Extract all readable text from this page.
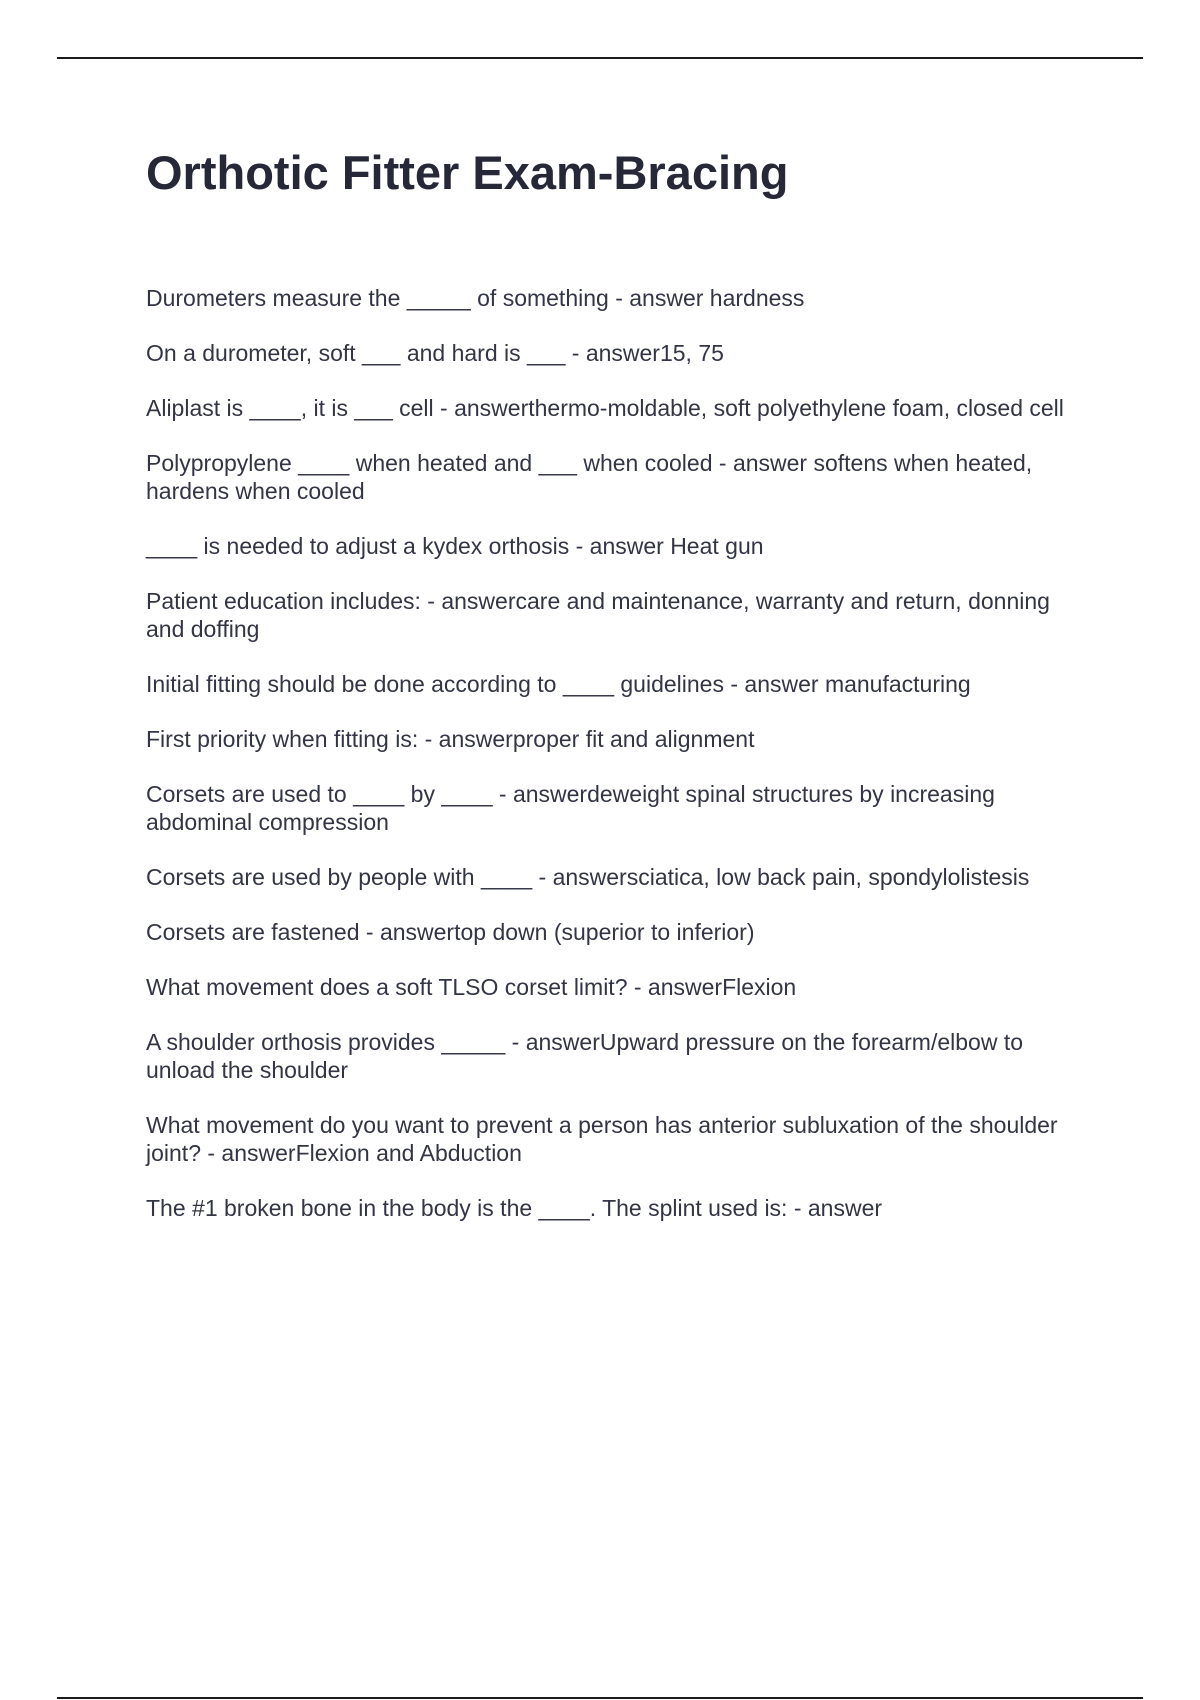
Orthotic Fitter Exam-Bracing
Durometers measure the _____ of something - answer hardness
On a durometer, soft ___ and hard is ___ - answer15, 75
Aliplast is ____, it is ___ cell - answerthermo-moldable, soft polyethylene foam, closed cell
Polypropylene ____ when heated and ___ when cooled - answer softens when heated, hardens when cooled
____ is needed to adjust a kydex orthosis - answer Heat gun
Patient education includes: - answercare and maintenance, warranty and return, donning and doffing
Initial fitting should be done according to ____ guidelines - answer manufacturing
First priority when fitting is: - answerproper fit and alignment
Corsets are used to ____ by ____ - answerdeweight spinal structures by increasing abdominal compression
Corsets are used by people with ____ - answersciatica, low back pain, spondylolistesis
Corsets are fastened - answertop down (superior to inferior)
What movement does a soft TLSO corset limit? - answerFlexion
A shoulder orthosis provides _____ - answerUpward pressure on the forearm/elbow to unload the shoulder
What movement do you want to prevent a person has anterior subluxation of the shoulder joint? - answerFlexion and Abduction
The #1 broken bone in the body is the ____. The splint used is: - answer
